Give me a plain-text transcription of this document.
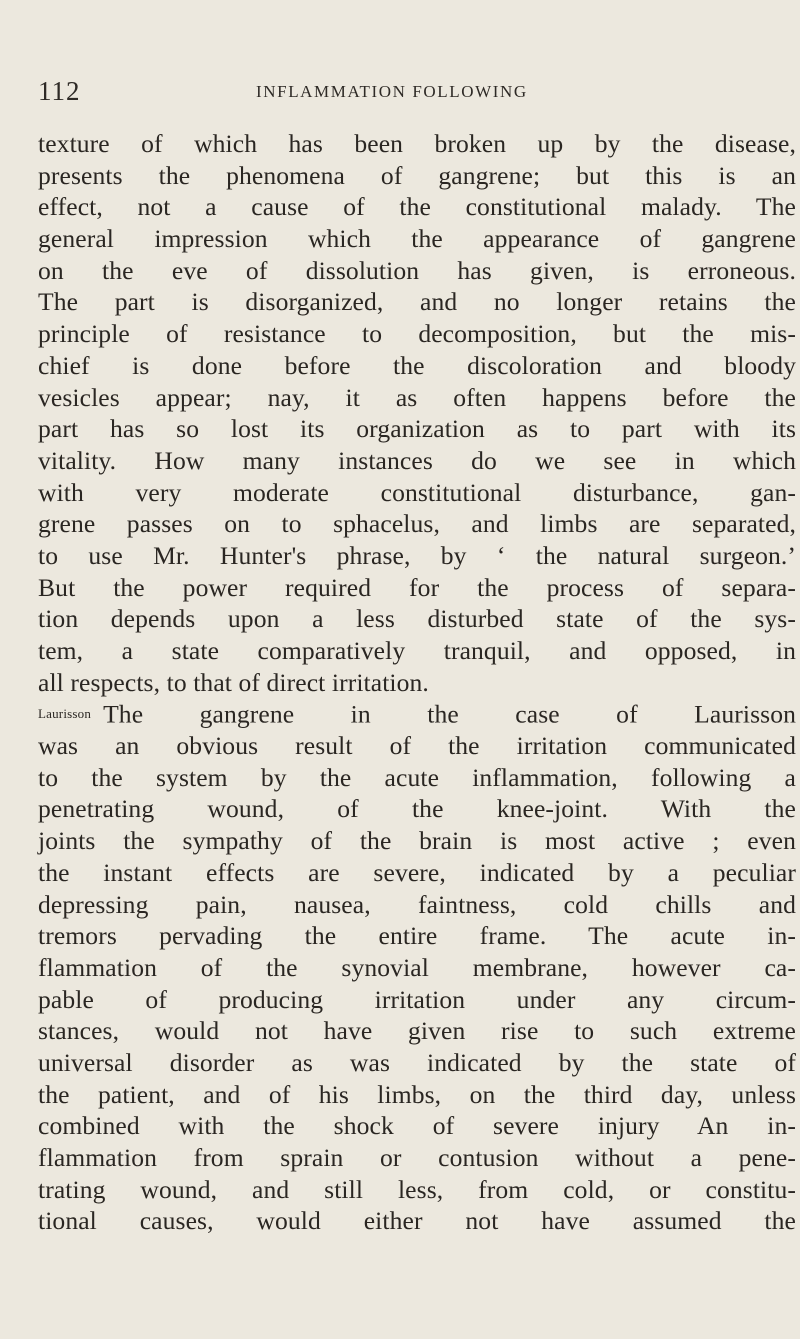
112	INFLAMMATION FOLLOWING
texture of which has been broken up by the disease,
presents the phenomena of gangrene; but this is an
effect, not a cause of the constitutional malady. The
general impression which the appearance of gangrene
on the eve of dissolution has given, is erroneous.
The part is disorganized, and no longer retains the
principle of resistance to decomposition, but the mis-
chief is done before the discoloration and bloody
vesicles appear; nay, it as often happens before the
part has so lost its organization as to part with its
vitality. How many instances do we see in which
with very moderate constitutional disturbance, gan-
grene passes on to sphacelus, and limbs are separated,
to use Mr. Hunter's phrase, by ‘ the natural surgeon.’
But the power required for the process of separa-
tion depends upon a less disturbed state of the sys-
tem, a state comparatively tranquil, and opposed, in
all respects, to that of direct irritation.
Laurisson The gangrene in the case of Laurisson
was an obvious result of the irritation communicated
to the system by the acute inflammation, following a
penetrating wound, of the knee-joint. With the
joints the sympathy of the brain is most active ; even
the instant effects are severe, indicated by a peculiar
depressing pain, nausea, faintness, cold chills and
tremors pervading the entire frame. The acute in-
flammation of the synovial membrane, however ca-
pable of producing irritation under any circum-
stances, would not have given rise to such extreme
universal disorder as was indicated by the state of
the patient, and of his limbs, on the third day, unless
combined with the shock of severe injury An in-
flammation from sprain or contusion without a pene-
trating wound, and still less, from cold, or constitu-
tional causes, would either not have assumed the
